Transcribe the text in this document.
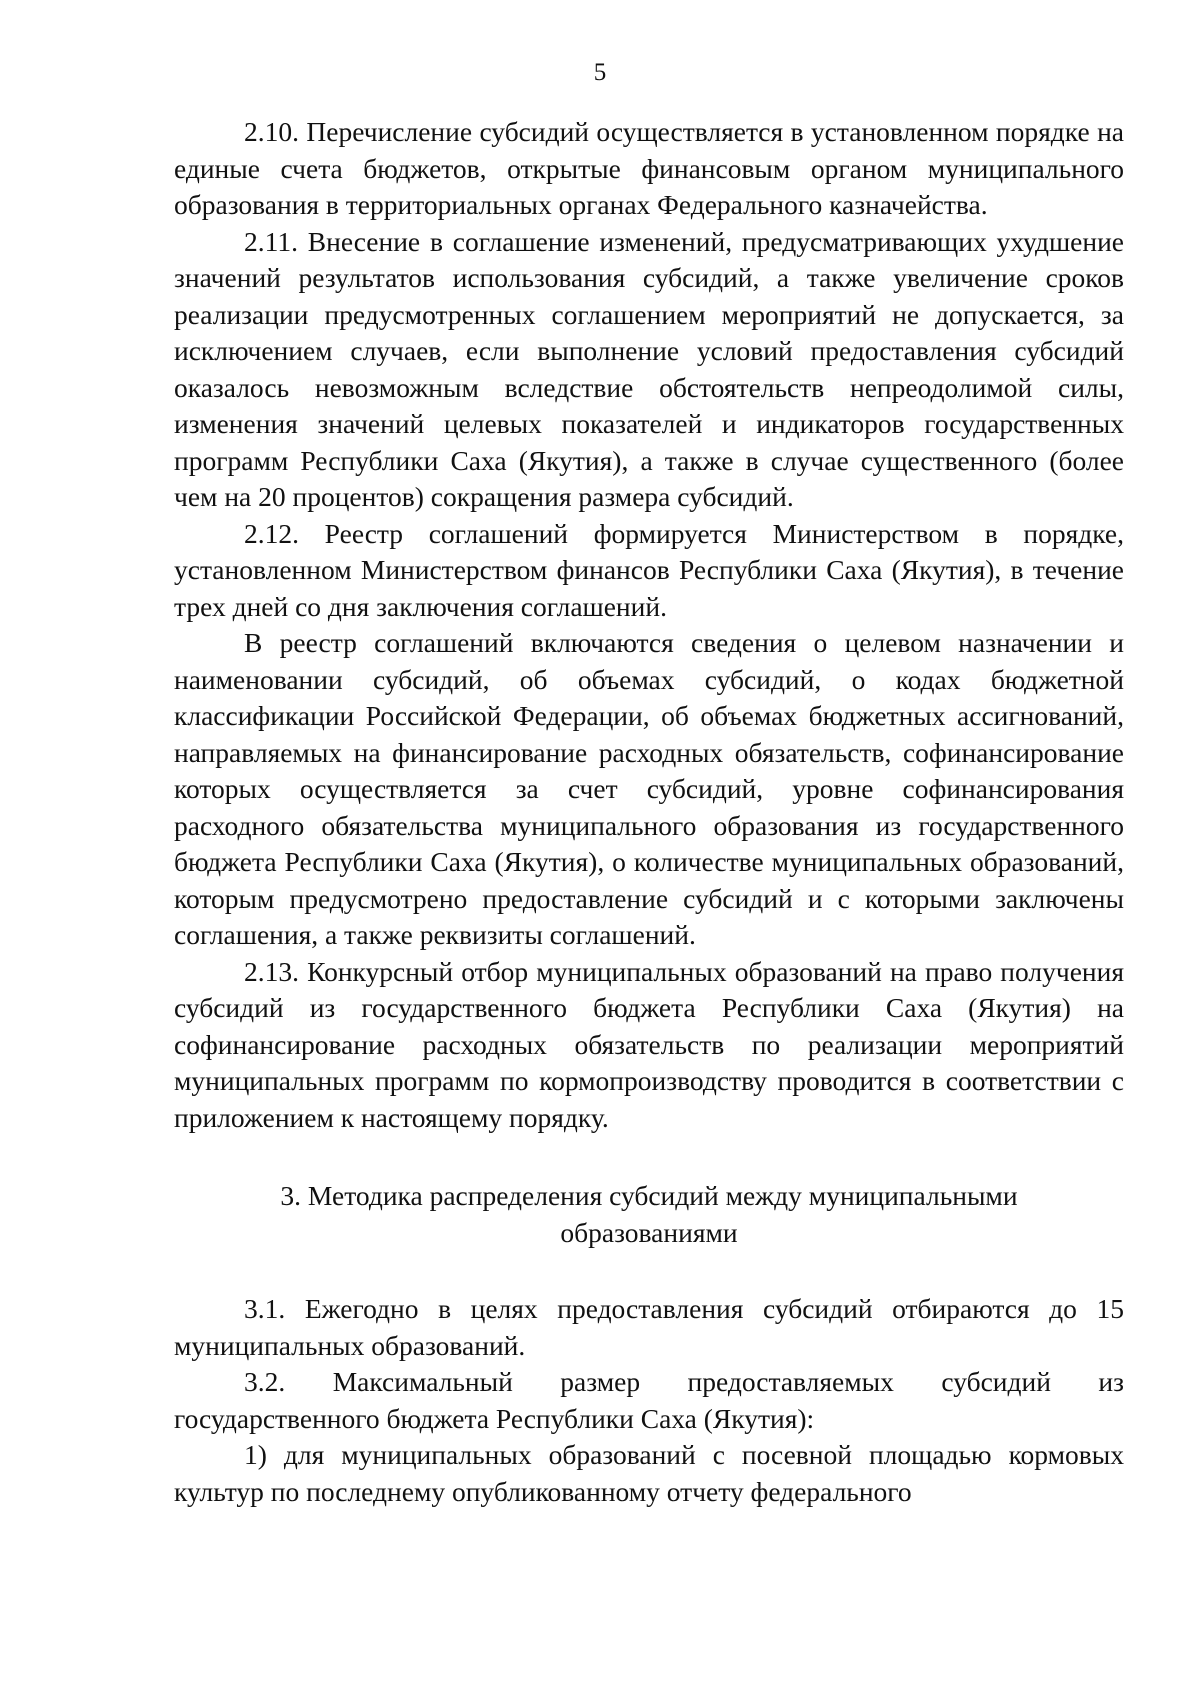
5

2.10. Перечисление субсидий осуществляется в установленном порядке на единые счета бюджетов, открытые финансовым органом муниципального образования в территориальных органах Федерального казначейства.

2.11. Внесение в соглашение изменений, предусматривающих ухудшение значений результатов использования субсидий, а также увеличение сроков реализации предусмотренных соглашением мероприятий не допускается, за исключением случаев, если выполнение условий предоставления субсидий оказалось невозможным вследствие обстоятельств непреодолимой силы, изменения значений целевых показателей и индикаторов государственных программ Республики Саха (Якутия), а также в случае существенного (более чем на 20 процентов) сокращения размера субсидий.

2.12. Реестр соглашений формируется Министерством в порядке, установленном Министерством финансов Республики Саха (Якутия), в течение трех дней со дня заключения соглашений.

В реестр соглашений включаются сведения о целевом назначении и наименовании субсидий, об объемах субсидий, о кодах бюджетной классификации Российской Федерации, об объемах бюджетных ассигнований, направляемых на финансирование расходных обязательств, софинансирование которых осуществляется за счет субсидий, уровне софинансирования расходного обязательства муниципального образования из государственного бюджета Республики Саха (Якутия), о количестве муниципальных образований, которым предусмотрено предоставление субсидий и с которыми заключены соглашения, а также реквизиты соглашений.

2.13. Конкурсный отбор муниципальных образований на право получения субсидий из государственного бюджета Республики Саха (Якутия) на софинансирование расходных обязательств по реализации мероприятий муниципальных программ по кормопроизводству проводится в соответствии с приложением к настоящему порядку.

3. Методика распределения субсидий между муниципальными образованиями

3.1. Ежегодно в целях предоставления субсидий отбираются до 15 муниципальных образований.

3.2. Максимальный размер предоставляемых субсидий из государственного бюджета Республики Саха (Якутия):

1) для муниципальных образований с посевной площадью кормовых культур по последнему опубликованному отчету федерального
